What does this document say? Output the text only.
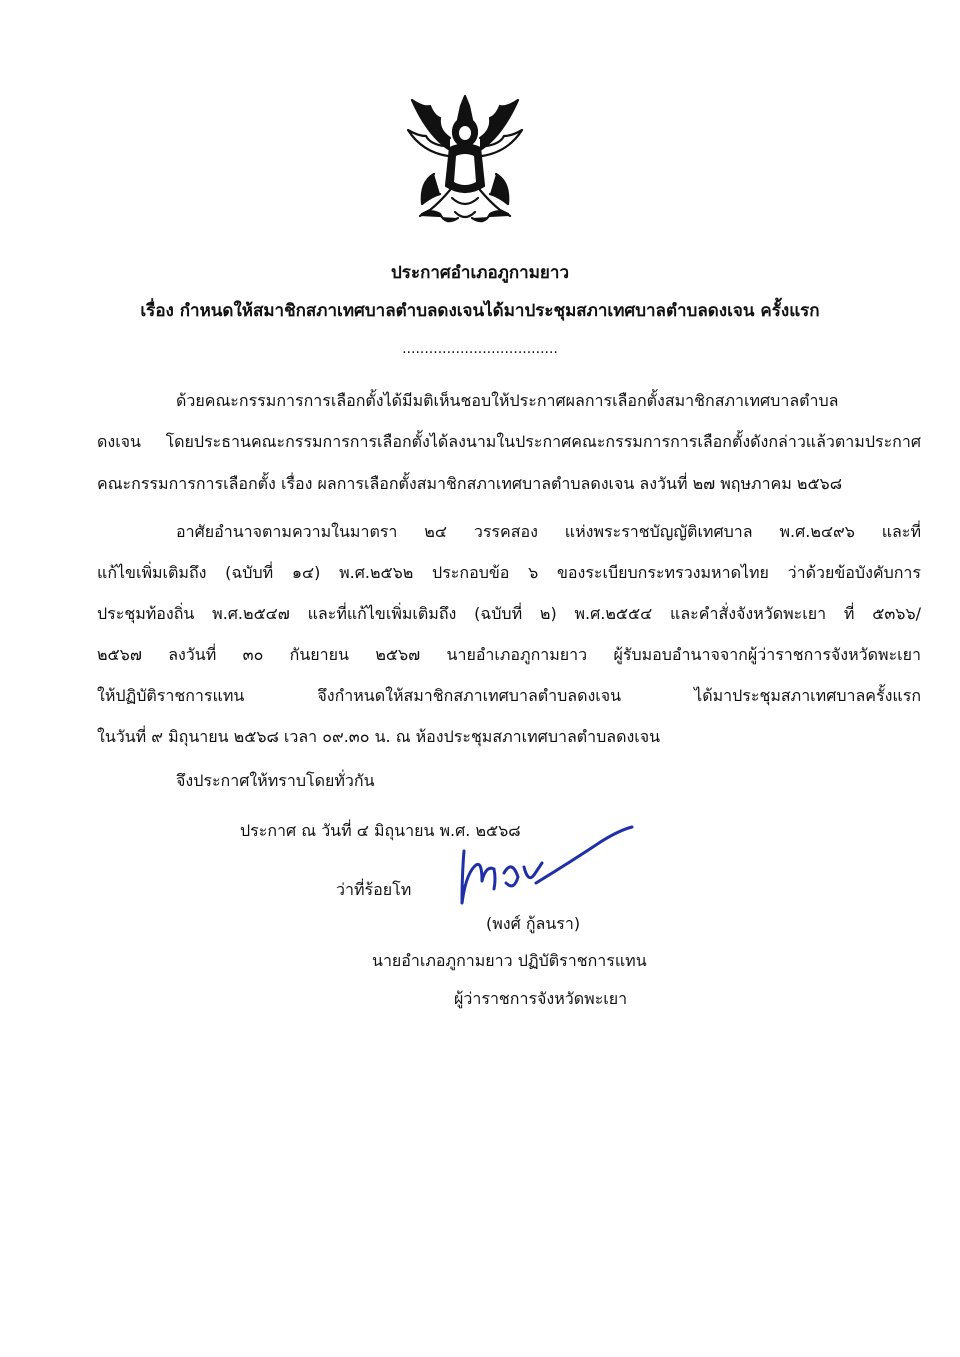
ประกาศอำเภอภูกามยาว
เรื่อง กำหนดให้สมาชิกสภาเทศบาลตำบลดงเจนได้มาประชุมสภาเทศบาลตำบลดงเจน ครั้งแรก
...................................
ด้วยคณะกรรมการการเลือกตั้งได้มีมติเห็นชอบให้ประกาศผลการเลือกตั้งสมาชิกสภาเทศบาลตำบล
ดงเจน โดยประธานคณะกรรมการการเลือกตั้งได้ลงนามในประกาศคณะกรรมการการเลือกตั้งดังกล่าวแล้วตามประกาศ
คณะกรรมการการเลือกตั้ง เรื่อง ผลการเลือกตั้งสมาชิกสภาเทศบาลตำบลดงเจน ลงวันที่ ๒๗ พฤษภาคม ๒๕๖๘
อาศัยอำนาจตามความในมาตรา ๒๔ วรรคสอง แห่งพระราชบัญญัติเทศบาล พ.ศ.๒๔๙๖ และที่
แก้ไขเพิ่มเติมถึง (ฉบับที่ ๑๔) พ.ศ.๒๕๖๒ ประกอบข้อ ๖ ของระเบียบกระทรวงมหาดไทย ว่าด้วยข้อบังคับการ
ประชุมท้องถิ่น พ.ศ.๒๕๔๗ และที่แก้ไขเพิ่มเติมถึง (ฉบับที่ ๒) พ.ศ.๒๕๕๔ และคำสั่งจังหวัดพะเยา ที่ ๕๓๖๖/
๒๕๖๗ ลงวันที่ ๓๐ กันยายน ๒๕๖๗ นายอำเภอภูกามยาว ผู้รับมอบอำนาจจากผู้ว่าราชการจังหวัดพะเยา
ให้ปฏิบัติราชการแทน จึงกำหนดให้สมาชิกสภาเทศบาลตำบลดงเจน ได้มาประชุมสภาเทศบาลครั้งแรก
ในวันที่ ๙ มิถุนายน ๒๕๖๘ เวลา ๐๙.๓๐ น. ณ ห้องประชุมสภาเทศบาลตำบลดงเจน
จึงประกาศให้ทราบโดยทั่วกัน
ประกาศ ณ วันที่ ๔ มิถุนายน พ.ศ. ๒๕๖๘
ว่าที่ร้อยโท
(พงศ์ กู้ลนรา)
นายอำเภอภูกามยาว ปฏิบัติราชการแทน
ผู้ว่าราชการจังหวัดพะเยา
